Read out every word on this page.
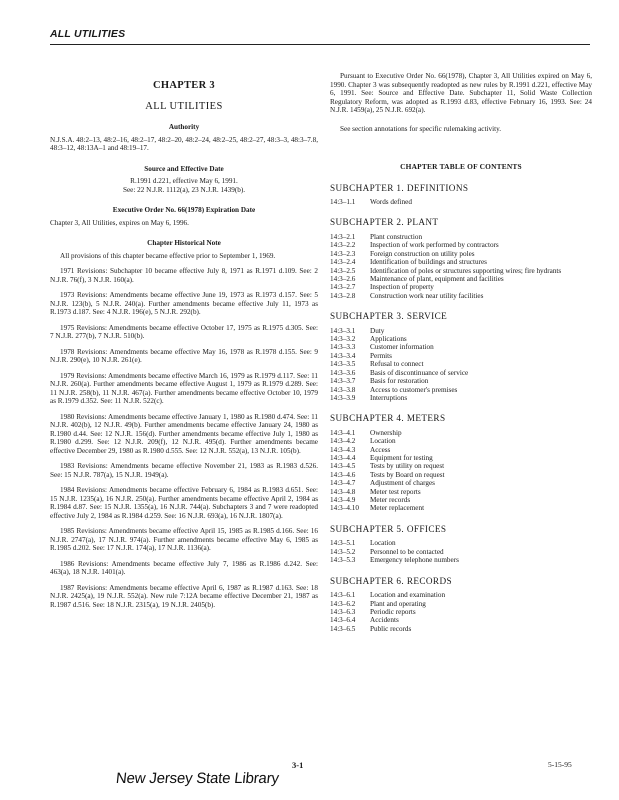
ALL UTILITIES
CHAPTER 3
ALL UTILITIES
Authority

N.J.S.A. 48:2–13, 48:2–16, 48:2–17, 48:2–20, 48:2–24, 48:2–25, 48:2–27, 48:3–3, 48:3–7.8, 48:3–12, 48:13A–1 and 48:19–17.

Source and Effective Date
R.1991 d.221, effective May 6, 1991.
See: 22 N.J.R. 1112(a), 23 N.J.R. 1439(b).
Executive Order No. 66(1978) Expiration Date

Chapter 3, All Utilities, expires on May 6, 1996.

Chapter Historical Note

All provisions of this chapter became effective prior to September 1, 1969.

1971 Revisions: Subchapter 10 became effective July 8, 1971 as R.1971 d.109. See: 2 N.J.R. 76(f), 3 N.J.R. 160(a).

1973 Revisions: Amendments became effective June 19, 1973 as R.1973 d.157. See: 5 N.J.R. 123(b), 5 N.J.R. 240(a). Further amendments became effective July 11, 1973 as R.1973 d.187. See: 4 N.J.R. 196(e), 5 N.J.R. 292(b).

1975 Revisions: Amendments became effective October 17, 1975 as R.1975 d.305. See: 7 N.J.R. 277(b), 7 N.J.R. 510(b).

1978 Revisions: Amendments became effective May 16, 1978 as R.1978 d.155. See: 9 N.J.R. 290(e), 10 N.J.R. 261(e).

1979 Revisions: Amendments became effective March 16, 1979 as R.1979 d.117. See: 11 N.J.R. 260(a). Further amendments became effective August 1, 1979 as R.1979 d.289. See: 11 N.J.R. 258(b), 11 N.J.R. 467(a). Further amendments became effective October 10, 1979 as R.1979 d.352. See: 11 N.J.R. 522(c).

1980 Revisions: Amendments became effective January 1, 1980 as R.1980 d.474. See: 11 N.J.R. 402(b), 12 N.J.R. 49(b). Further amendments became effective January 24, 1980 as R.1980 d.44. See: 12 N.J.R. 156(d). Further amendments became effective July 1, 1980 as R.1980 d.299. See: 12 N.J.R. 209(f), 12 N.J.R. 495(d). Further amendments became effective December 29, 1980 as R.1980 d.555. See: 12 N.J.R. 552(a), 13 N.J.R. 105(b).

1983 Revisions: Amendments became effective November 21, 1983 as R.1983 d.526. See: 15 N.J.R. 787(a), 15 N.J.R. 1949(a).

1984 Revisions: Amendments became effective February 6, 1984 as R.1983 d.651. See: 15 N.J.R. 1235(a), 16 N.J.R. 250(a). Further amendments became effective April 2, 1984 as R.1984 d.87. See: 15 N.J.R. 1355(a), 16 N.J.R. 744(a). Subchapters 3 and 7 were readopted effective July 2, 1984 as R.1984 d.259. See: 16 N.J.R. 693(a), 16 N.J.R. 1807(a).

1985 Revisions: Amendments became effective April 15, 1985 as R.1985 d.166. See: 16 N.J.R. 2747(a), 17 N.J.R. 974(a). Further amendments became effective May 6, 1985 as R.1985 d.202. See: 17 N.J.R. 174(a), 17 N.J.R. 1136(a).

1986 Revisions: Amendments became effective July 7, 1986 as R.1986 d.242. See: 463(a), 18 N.J.R. 1401(a).

1987 Revisions: Amendments became effective April 6, 1987 as R.1987 d.163. See: 18 N.J.R. 2425(a), 19 N.J.R. 552(a). New rule 7:12A became effective December 21, 1987 as R.1987 d.516. See: 18 N.J.R. 2315(a), 19 N.J.R. 2405(b).

Pursuant to Executive Order No. 66(1978), Chapter 3, All Utilities expired on May 6, 1990. Chapter 3 was subsequently readopted as new rules by R.1991 d.221, effective May 6, 1991. See: Source and Effective Date. Subchapter 11, Solid Waste Collection Regulatory Reform, was adopted as R.1993 d.83, effective February 16, 1993. See: 24 N.J.R. 1459(a), 25 N.J.R. 692(a).

See section annotations for specific rulemaking activity.

CHAPTER TABLE OF CONTENTS
SUBCHAPTER 1. DEFINITIONS
14:3–1.1	Words defined
SUBCHAPTER 2. PLANT
14:3–2.1	Plant construction
14:3–2.2	Inspection of work performed by contractors
14:3–2.3	Foreign construction on utility poles
14:3–2.4	Identification of buildings and structures
14:3–2.5	Identification of poles or structures supporting wires; fire hydrants
14:3–2.6	Maintenance of plant, equipment and facilities
14:3–2.7	Inspection of property
14:3–2.8	Construction work near utility facilities
SUBCHAPTER 3. SERVICE
14:3–3.1	Duty
14:3–3.2	Applications
14:3–3.3	Customer information
14:3–3.4	Permits
14:3–3.5	Refusal to connect
14:3–3.6	Basis of discontinuance of service
14:3–3.7	Basis for restoration
14:3–3.8	Access to customer's premises
14:3–3.9	Interruptions
SUBCHAPTER 4. METERS
14:3–4.1	Ownership
14:3–4.2	Location
14:3–4.3	Access
14:3–4.4	Equipment for testing
14:3–4.5	Tests by utility on request
14:3–4.6	Tests by Board on request
14:3–4.7	Adjustment of charges
14:3–4.8	Meter test reports
14:3–4.9	Meter records
14:3–4.10	Meter replacement
SUBCHAPTER 5. OFFICES
14:3–5.1	Location
14:3–5.2	Personnel to be contacted
14:3–5.3	Emergency telephone numbers
SUBCHAPTER 6. RECORDS
14:3–6.1	Location and examination
14:3–6.2	Plant and operating
14:3–6.3	Periodic reports
14:3–6.4	Accidents
14:3–6.5	Public records
3-1	5-15-95
New Jersey State Library
